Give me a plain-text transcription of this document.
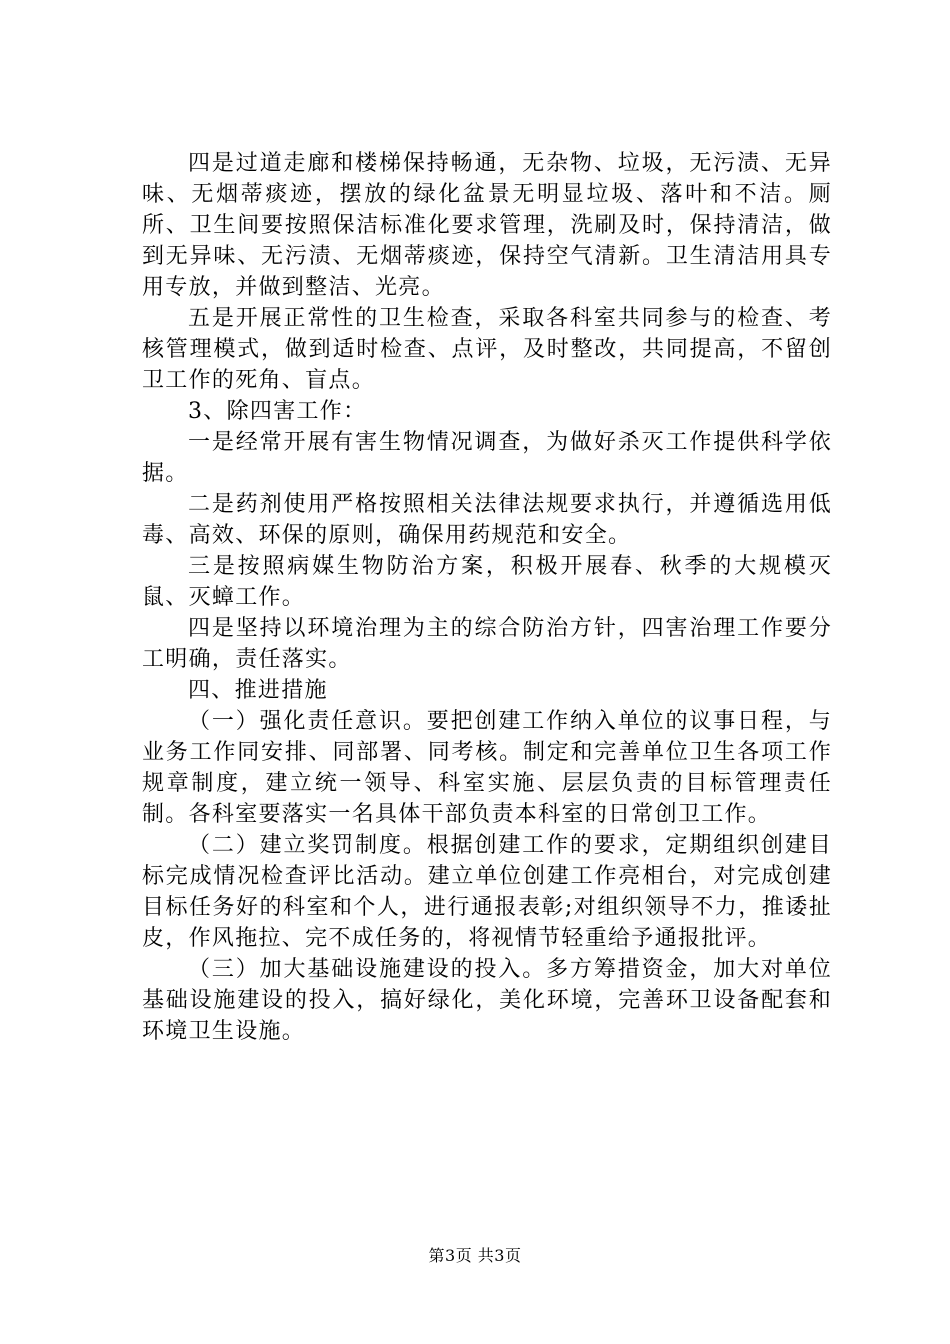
四是过道走廊和楼梯保持畅通，无杂物、垃圾，无污渍、无异味、无烟蒂痰迹，摆放的绿化盆景无明显垃圾、落叶和不洁。厕所、卫生间要按照保洁标准化要求管理，洗刷及时，保持清洁，做到无异味、无污渍、无烟蒂痰迹，保持空气清新。卫生清洁用具专用专放，并做到整洁、光亮。

五是开展正常性的卫生检查，采取各科室共同参与的检查、考核管理模式，做到适时检查、点评，及时整改，共同提高，不留创卫工作的死角、盲点。

3、除四害工作：

一是经常开展有害生物情况调查，为做好杀灭工作提供科学依据。

二是药剂使用严格按照相关法律法规要求执行，并遵循选用低毒、高效、环保的原则，确保用药规范和安全。

三是按照病媒生物防治方案，积极开展春、秋季的大规模灭鼠、灭蟑工作。

四是坚持以环境治理为主的综合防治方针，四害治理工作要分工明确，责任落实。

四、推进措施

（一）强化责任意识。要把创建工作纳入单位的议事日程，与业务工作同安排、同部署、同考核。制定和完善单位卫生各项工作规章制度，建立统一领导、科室实施、层层负责的目标管理责任制。各科室要落实一名具体干部负责本科室的日常创卫工作。

（二）建立奖罚制度。根据创建工作的要求，定期组织创建目标完成情况检查评比活动。建立单位创建工作亮相台，对完成创建目标任务好的科室和个人，进行通报表彰;对组织领导不力，推诿扯皮，作风拖拉、完不成任务的，将视情节轻重给予通报批评。

（三）加大基础设施建设的投入。多方筹措资金，加大对单位基础设施建设的投入，搞好绿化，美化环境，完善环卫设备配套和环境卫生设施。

第3页 共3页
